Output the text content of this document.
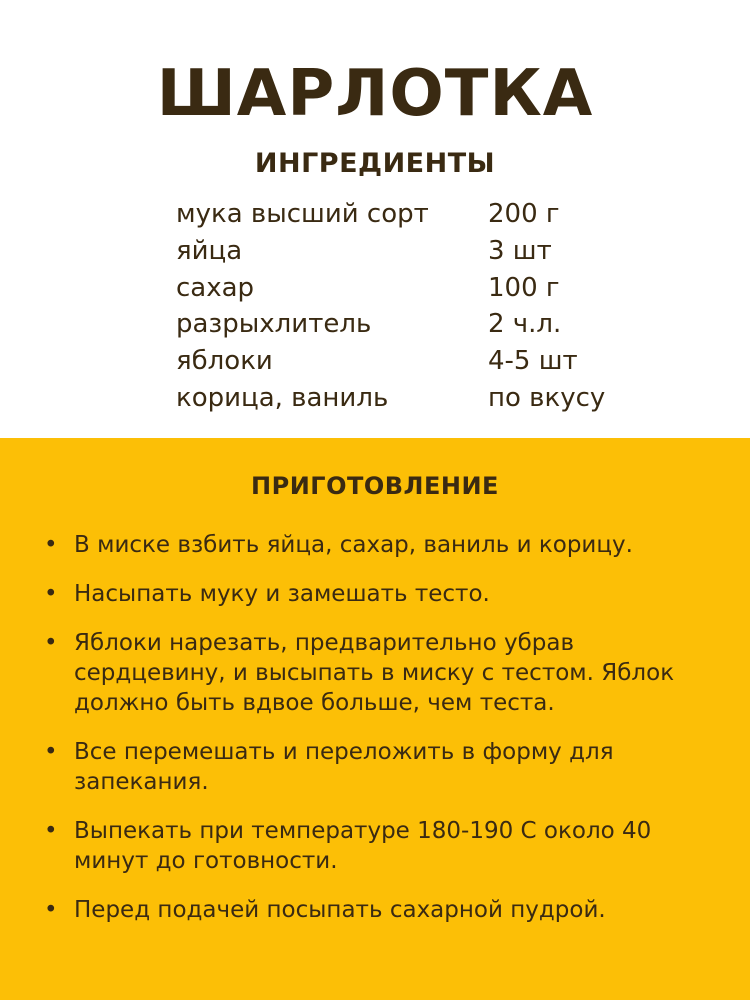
ШАРЛОТКА
ИНГРЕДИЕНТЫ
мука высший сорт 200 г
яйца	3 шт
сахар	100 г
разрыхлитель	2 ч.л.
яблоки	4-5 шт
корица, ваниль	по вкусу
ПРИГОТОВЛЕНИЕ
• В миске взбить яйца, сахар, ваниль и корицу.
• Насыпать муку и замешать тесто.
• Яблоки нарезать, предварительно убрав сердцевину, и высыпать в миску с тестом. Яблок должно быть вдвое больше, чем теста.
• Все перемешать и переложить в форму для запекания.
• Выпекать при температуре 180-190 С около 40 минут до готовности.
• Перед подачей посыпать сахарной пудрой.
